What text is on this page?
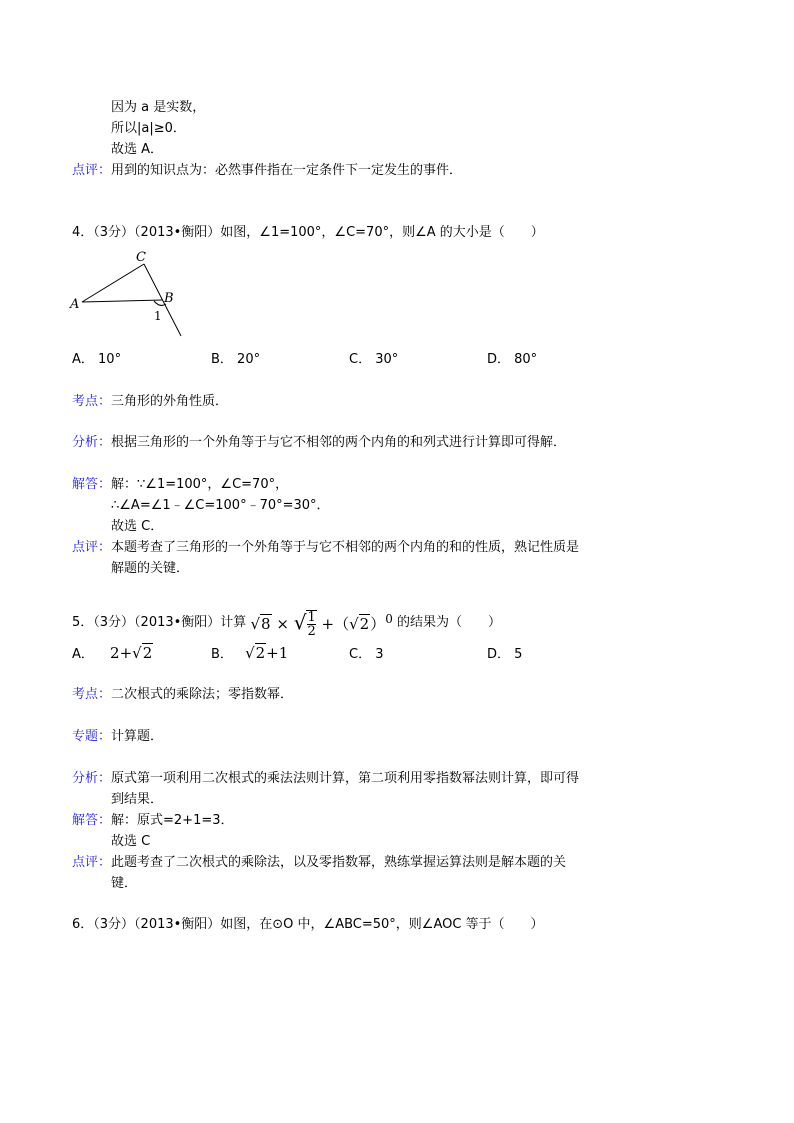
因为 a 是实数，
所以|a|≥0．
故选 A．
点评：用到的知识点为：必然事件指在一定条件下一定发生的事件．
4．（3分）（2013•衡阳）如图，∠1=100°，∠C=70°，则∠A 的大小是（　　）
C
A	B
1
A． 10°	B． 20°	C． 30°	D． 80°
考点：三角形的外角性质．
分析：根据三角形的一个外角等于与它不相邻的两个内角的和列式进行计算即可得解．
解答：解：∵∠1=100°，∠C=70°，
∴∠A=∠1﹣∠C=100°﹣70°=30°．
故选 C．
点评：本题考查了三角形的一个外角等于与它不相邻的两个内角的和的性质，熟记性质是
解题的关键．
5．（3分）（2013•衡阳）计算 √8 × √ $\frac{1}{2} +(√2)^0$ 的结果为（　　）
A． 2+√2	B． √2+1	C． 3	D． 5
考点：二次根式的乘除法；零指数幂．
专题：计算题．
分析：原式第一项利用二次根式的乘法法则计算，第二项利用零指数幂法则计算，即可得
到结果．
解答：解：原式=2+1=3．
故选 C
点评：此题考查了二次根式的乘除法，以及零指数幂，熟练掌握运算法则是解本题的关
键．
6．（3分）（2013•衡阳）如图，在⊙O 中，∠ABC=50°，则∠AOC 等于（　　）
